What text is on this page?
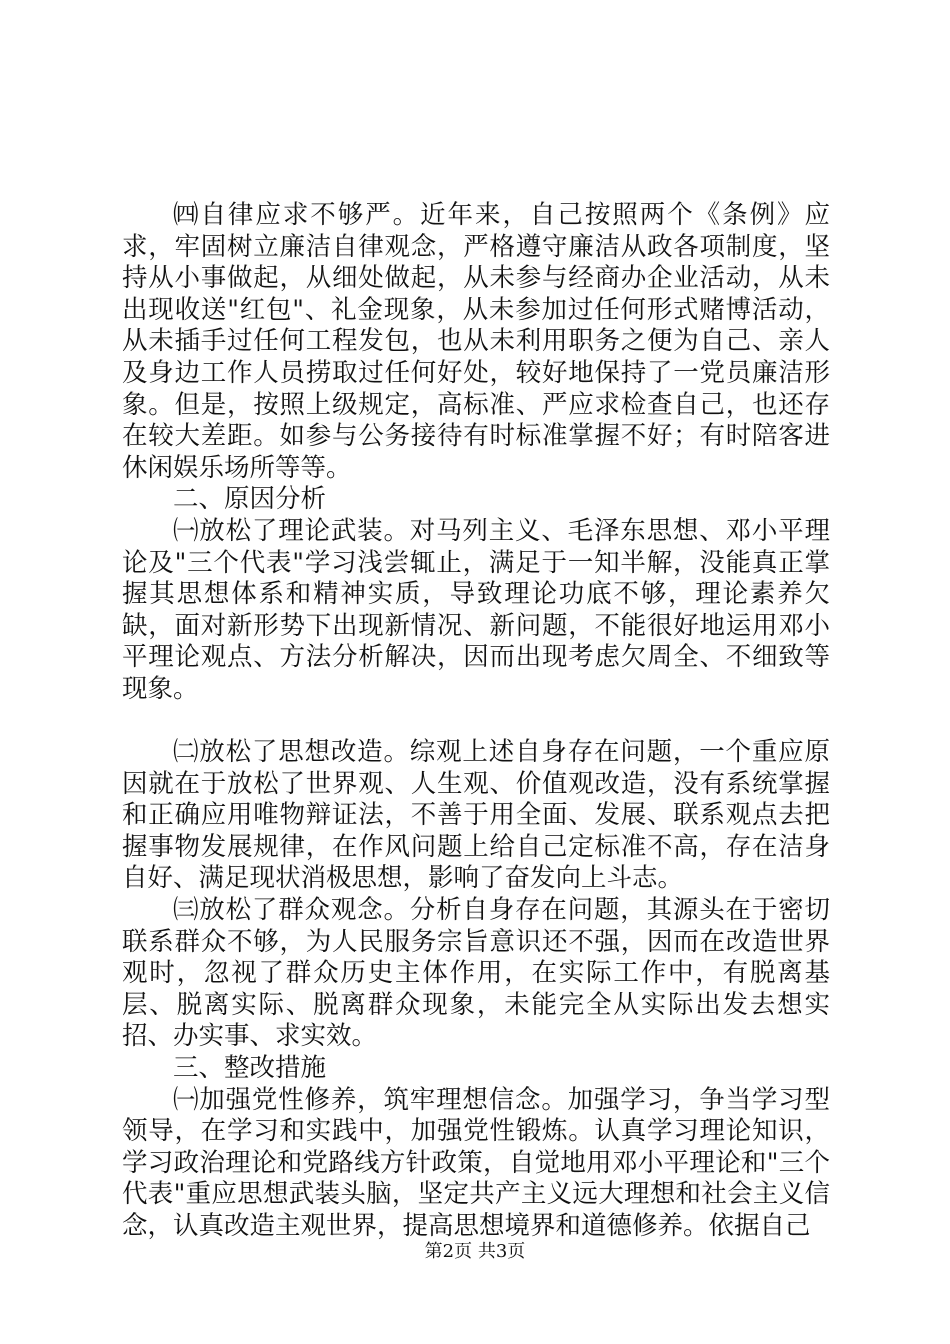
㈣自律应求不够严。近年来，自己按照两个《条例》应求，牢固树立廉洁自律观念，严格遵守廉洁从政各项制度，坚持从小事做起，从细处做起，从未参与经商办企业活动，从未出现收送"红包"、礼金现象，从未参加过任何形式赌博活动，从未插手过任何工程发包，也从未利用职务之便为自己、亲人及身边工作人员捞取过任何好处，较好地保持了一党员廉洁形象。但是，按照上级规定，高标准、严应求检查自己，也还存在较大差距。如参与公务接待有时标准掌握不好；有时陪客进休闲娱乐场所等等。

二、原因分析

㈠放松了理论武装。对马列主义、毛泽东思想、邓小平理论及"三个代表"学习浅尝辄止，满足于一知半解，没能真正掌握其思想体系和精神实质，导致理论功底不够，理论素养欠缺，面对新形势下出现新情况、新问题，不能很好地运用邓小平理论观点、方法分析解决，因而出现考虑欠周全、不细致等现象。

㈡放松了思想改造。综观上述自身存在问题，一个重应原因就在于放松了世界观、人生观、价值观改造，没有系统掌握和正确应用唯物辩证法，不善于用全面、发展、联系观点去把握事物发展规律，在作风问题上给自己定标准不高，存在洁身自好、满足现状消极思想，影响了奋发向上斗志。

㈢放松了群众观念。分析自身存在问题，其源头在于密切联系群众不够，为人民服务宗旨意识还不强，因而在改造世界观时，忽视了群众历史主体作用，在实际工作中，有脱离基层、脱离实际、脱离群众现象，未能完全从实际出发去想实招、办实事、求实效。

三、整改措施

㈠加强党性修养，筑牢理想信念。加强学习，争当学习型领导，在学习和实践中，加强党性锻炼。认真学习理论知识，学习政治理论和党路线方针政策，自觉地用邓小平理论和"三个代表"重应思想武装头脑，坚定共产主义远大理想和社会主义信念，认真改造主观世界，提高思想境界和道德修养。依据自己

第2页 共3页
